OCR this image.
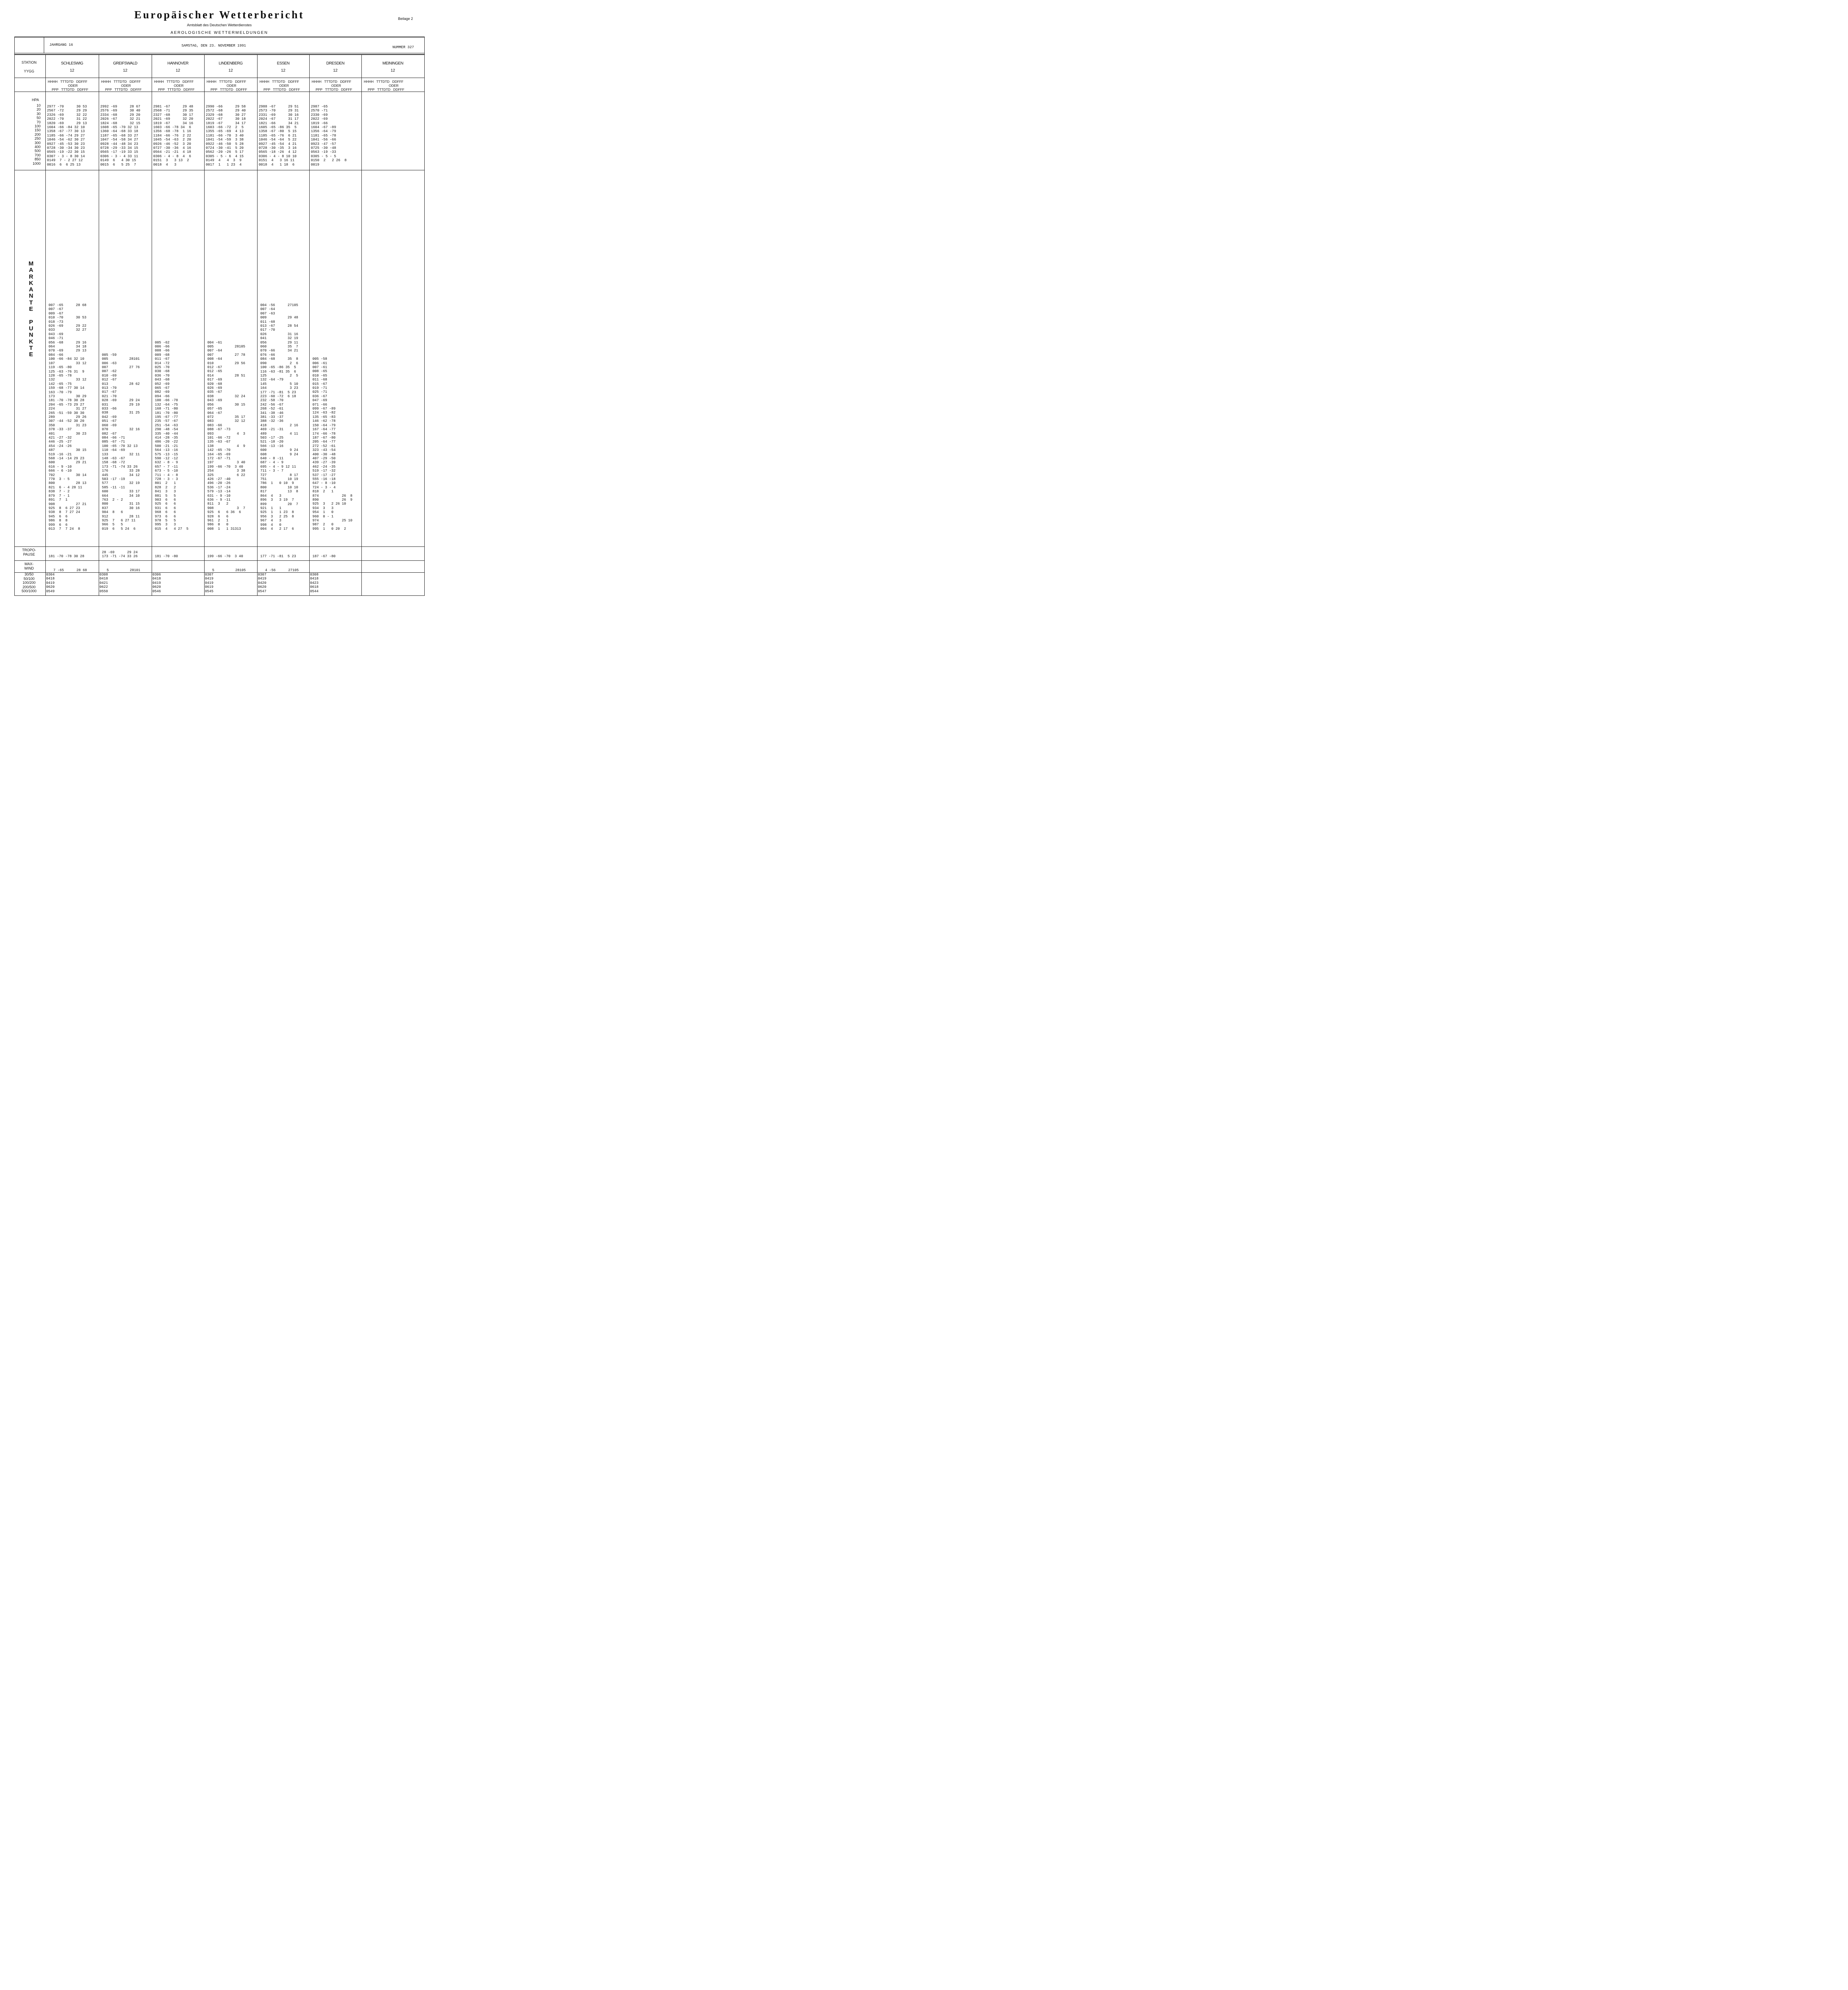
Europäischer Wetterbericht
Amtsblatt des Deutschen Wetterdienstes
AEROLOGISCHE WETTERMELDUNGEN
Beilage 2
JAHRGANG 16	SAMSTAG, DEN 23. NOVEMBER 1991	NUMMER 327
STATION
YYGG
HPA
10
20
30
50
70
100
150
200
250
300
400
500
700
850
1000
M
A
R
K
A
N
T
E

P
U
N
K
T
E
TROPO-
PAUSE
MAX-
WIND
30/50
50/100
100/200
200/500
500/1000
SCHLESWIG
12
HHHH   TTTDTD   DDFFF
ODER
PPP   TTTDTD   DDFFF
2977 -70      30 53
2567 -72      29 29
2326 -69      32 22
2022 -70      31 22
1820 -69      29 13
1604 -66 -84 32 10
1358 -67 -77 30 13
1185 -66 -74 29 27
1046 -54 -62 30 27
0927 -45 -53 30 23
0728 -30 -34 30 23
0565 -19 -22 30 15
0307 - 3 - 8 30 14
0149  7 - 2 27 12
0016  6  6 25 13
007 -65      28 68
007 -67
009 -67
010 -70      30 53
018 -73
026 -69      29 22
033          32 27
043 -69
046 -71
056 -68      29 16
064          34 18
070 -69      29 13
084 -66
100 -66 -84 32 10
107          33 12
119 -65 -80
125 -63 -76 31  9
128 -65 -78
132          33 12
142 -65 -75
159 -68 -77 30 14
163 -70 -79
173          30 29
181 -70 -78 30 28
204 -65 -73 29 27
224          31 27
265 -51 -59 30 30
289          29 26
307 -44 -52 30 20
350          31 23
378 -33 -37
401          30 23
421 -27 -32
446 -25 -27
454 -24 -26
487          30 15
519 -16 -21
568 -14 -14 29 23
600          29 21
616 - 9 -10
666 - 6 -10
702          30 14
770  3 - 5
800          28 13
821  6 - 4 28 11
838  7 - 2
879  7 - 1
891  7  1
908          27 21
925  8  6 27 23
938  8  7 27 24
945  6  6
986  8  8
999  6  6
013  7  7 24  8

181 -70 -78 30 28
7 -65      28 68
0304
0418
0419
0620
0549
GREIFSWALD
12
HHHH   TTTDTD   DDFFF
ODER
PPP   TTTDTD   DDFFF
2992 -69      28 67
2576 -69      30 40
2334 -68      29 20
2026 -67      32 21
1824 -68      32 15
1608 -65 -70 32 13
1360 -64 -68 33 18
1187 -65 -68 33 27
1047 -54 -58 34 27
0928 -44 -48 34 23
0728 -29 -33 34 15
0565 -17 -19 33 15
0306 - 3 - 4 33 11
0149  6   4 30 15
0015  6   5 25  7
005 -59
005          28101
006 -63
007          27 76
007 -62
010 -69
012 -67
013          28 62
013 -70
017 -67
021 -70
028 -69      29 24
031          29 19
033 -66
038          31 25
042 -69
051 -67
060 -69
070          32 16
082 -67
084 -66 -71
085 -67 -71
100 -65 -70 32 13
110 -64 -69
133          32 11
148 -63 -67
158 -68 -72
173 -71 -74 33 26
176          33 28
445          34 12
503 -17 -19
577          32 19
585 -11 -11
600          33 17
664          34 10
763  2 - 2
800          31 15
837          30 16
904  8   6
912          28 11
925  7   6 27 11
966  5   5
019  6   5 24  6
28 -69      29 24
173 -71 -74 33 26
5          28101
0308
0418
0421
0622
0550
HANNOVER
12
HHHH   TTTDTD   DDFFF
ODER
PPP   TTTDTD   DDFFF
2981 -67      29 48
2568 -71      29 35
2327 -68      30 17
2021 -69      32 20
1819 -67      34 16
1603 -66 -78 34  6
1356 -68 -78  1 16
1184 -66 -76  2 22
1045 -54 -63  2 20
0926 -46 -52  3 20
0727 -30 -36  4 16
0564 -21 -21  4 18
0306 - 4 - 8  4  6
0151  3   3 13  2
0018  4   3
005 -62
006 -66
008 -66
009 -68
011 -67
014 -72
025 -70
030 -68
036 -70
043 -68
052 -69
065 -67
082 -69
094 -66
100 -66 -78
132 -64 -75
168 -71 -80
181 -70 -80
195 -67 -77
235 -57 -67
251 -54 -63
290 -48 -54
335 -40 -44
414 -28 -35
486 -20 -22
500 -21 -21
564 -13 -16
575 -13 -15
590 -12 -12
632 - 8 - 9
657 - 7 -11
673 - 5 -10
711 - 4 - 8
728 - 3 - 3
801  2   1
828  2   2
841  3   3
881  5   5
903  6   6
925  6   6
931  6   6
968  6   6
973  6   6
978  5   5
995  3   3
015  4   4 27  5

181 -70 -80
0306
0418
0419
0620
0546
LINDENBERG
12
HHHH   TTTDTD   DDFFF
ODER
PPP   TTTDTD   DDFFF
2990 -66      29 58
2572 -68      29 40
2329 -68      30 27
2022 -67      30 18
1819 -67      34 17
1603 -66 -72  2  5
1355 -65 -69  4 13
1181 -66 -70  3 40
1041 -54 -59  3 38
0922 -46 -50  5 28
0724 -30 -41  5 20
0562 -20 -26  5 17
0305 - 5 - 6  4 15
0149  4   4  3  9
0017  1   1 23  4
004 -61
005          28105
007 -64
007          27 78
008 -64
010          29 56
012 -67
012 -65
014          28 51
017 -69
020 -68
026 -69
035 -67
038          32 24
043 -69
056          30 15
057 -65
064 -67
072          35 17
083          32 12
083 -66
088 -67 -73
093           4  3
101 -66 -72
135 -63 -67
138           4  9
142 -65 -70
164 -65 -69
172 -67 -71
197           3 40
199 -66 -70  3 40
254           3 38
325           6 22
426 -27 -40
496 -20 -26
536 -17 -24
579 -13 -14
631 - 9 -10
636 - 9 -11
811  3   2
908           3  7
925  6   6 36  6
928  6   6
961  2   1
986  0   0
008  1   1 31313

199 -66 -70  3 40
5          28105
0307
0419
0419
0619
0545
ESSEN
12
HHHH   TTTDTD   DDFFF
ODER
PPP   TTTDTD   DDFFF
2988 -67      29 51
2573 -70      29 31
2331 -69      30 16
2024 -67      31 17
1821 -66      34 21
1605 -65 -86 35  5
1358 -67 -80  5 15
1185 -65 -76  6 21
1046 -54 -64  5 22
0927 -45 -54  4 21
0728 -30 -35  3 16
0565 -18 -26  4 12
0306 - 4 - 8 10 10
0151  4   3 16 11
0018  4   1 18  6
004 -56      27105
007 -64
007 -63
009          29 48
011 -68
013 -67      28 54
017 -70
026          31 16
041          32 19
056          29 11
060          35  7
070 -66      34 21
076 -66
084 -68      35  8
090           2  6
100 -65 -86 35  5
116 -63 -81 35  6
125           2  5
132 -64 -79
145           5 10
164           3 23
177 -71 -81  5 23
223 -60 -72  6 18
232 -58 -70
242 -56 -67
268 -52 -61
341 -38 -46
381 -33 -37
388 -32 -36
418           2 16
469 -21 -31
489           4 11
503 -17 -25
521 -18 -20
566 -13 -16
600           9 24
608           9 24
640 - 8 -11
687 - 4 - 9
695 - 4 - 9 12 11
711 - 3 - 7
727           8 17
751          10 19
786  1   0 10  9
800          10 10
817          13  8
864  4   3
896  3   3 19  7
899          20  7
921  1   1
925  1   1 23  8
956  3   2 25  8
967  4   3
998  4   0
004  4   2 17  6

177 -71 -81  5 23
4 -56      27105
0307
0419
0420
0620
0547
DRESDEN
12
HHHH   TTTDTD   DDFFF
ODER
PPP   TTTDTD   DDFFF
2987 -65
2570 -71
2330 -69
2022 -69
1819 -66
1604 -67 -89
1356 -64 -79
1181 -65 -78
1041 -56 -66
0923 -47 -57
0725 -30 -48
0563 -19 -33
0305 - 5 - 5
0150  2   2 26  8
0019
005 -58
006 -61
007 -61
008 -65
010 -65
011 -68
015 -67
019 -71
025 -71
036 -67
047 -69
071 -66
099 -67 -89
124 -63 -82
135 -65 -83
146 -62 -78
150 -64 -79
167 -64 -77
174 -66 -78
187 -67 -80
205 -64 -77
272 -52 -61
323 -43 -54
400 -30 -48
407 -29 -50
439 -27 -39
462 -24 -35
519 -17 -32
537 -17 -27
555 -16 -18
647 - 8 -10
724 - 3 - 4
818  2   1
874           26  8
890           26  9
925  3   2 26 10
934  3   3
954  1   0
960  0 - 1
974           25 10
987  2   0
995  1   0 20  2

187 -67 -80
0308
0418
0423
0618
0544
MEININGEN
12
HHHH   TTTDTD   DDFFF
ODER
PPP   TTTDTD   DDFFF
